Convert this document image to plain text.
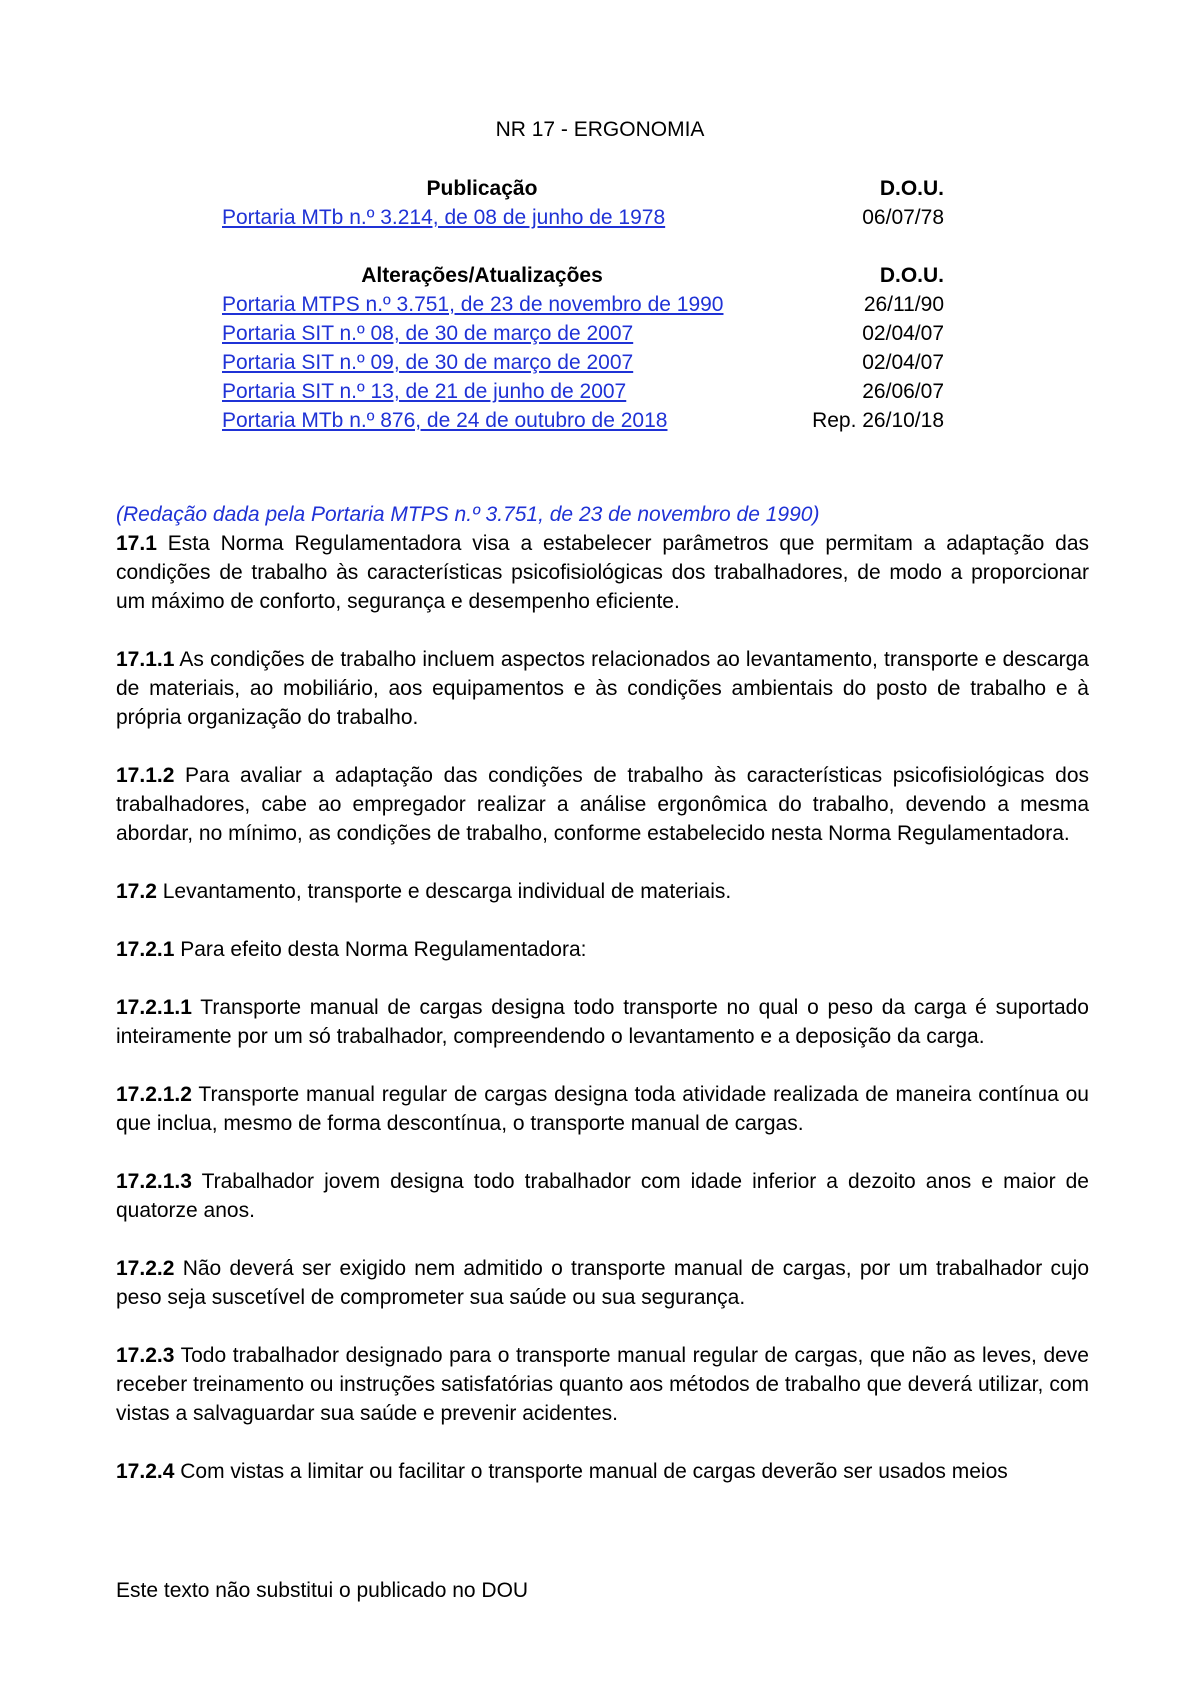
NR 17 - ERGONOMIA
Publicação	D.O.U.
Portaria MTb n.º 3.214, de 08 de junho de 1978	06/07/78
Alterações/Atualizações	D.O.U.
Portaria MTPS n.º 3.751, de 23 de novembro de 1990	26/11/90
Portaria SIT n.º 08, de 30 de março de 2007	02/04/07
Portaria SIT n.º 09, de 30 de março de 2007	02/04/07
Portaria SIT n.º 13, de 21 de junho de 2007	26/06/07
Portaria MTb n.º 876, de 24 de outubro de 2018	Rep. 26/10/18

(Redação dada pela Portaria MTPS n.º 3.751, de 23 de novembro de 1990)

17.1 Esta Norma Regulamentadora visa a estabelecer parâmetros que permitam a adaptação das condições de trabalho às características psicofisiológicas dos trabalhadores, de modo a proporcionar um máximo de conforto, segurança e desempenho eficiente.

17.1.1 As condições de trabalho incluem aspectos relacionados ao levantamento, transporte e descarga de materiais, ao mobiliário, aos equipamentos e às condições ambientais do posto de trabalho e à própria organização do trabalho.

17.1.2 Para avaliar a adaptação das condições de trabalho às características psicofisiológicas dos trabalhadores, cabe ao empregador realizar a análise ergonômica do trabalho, devendo a mesma abordar, no mínimo, as condições de trabalho, conforme estabelecido nesta Norma Regulamentadora.

17.2 Levantamento, transporte e descarga individual de materiais.

17.2.1 Para efeito desta Norma Regulamentadora:

17.2.1.1 Transporte manual de cargas designa todo transporte no qual o peso da carga é suportado inteiramente por um só trabalhador, compreendendo o levantamento e a deposição da carga.

17.2.1.2 Transporte manual regular de cargas designa toda atividade realizada de maneira contínua ou que inclua, mesmo de forma descontínua, o transporte manual de cargas.

17.2.1.3 Trabalhador jovem designa todo trabalhador com idade inferior a dezoito anos e maior de quatorze anos.

17.2.2 Não deverá ser exigido nem admitido o transporte manual de cargas, por um trabalhador cujo peso seja suscetível de comprometer sua saúde ou sua segurança.

17.2.3 Todo trabalhador designado para o transporte manual regular de cargas, que não as leves, deve receber treinamento ou instruções satisfatórias quanto aos métodos de trabalho que deverá utilizar, com vistas a salvaguardar sua saúde e prevenir acidentes.

17.2.4 Com vistas a limitar ou facilitar o transporte manual de cargas deverão ser usados meios

Este texto não substitui o publicado no DOU
